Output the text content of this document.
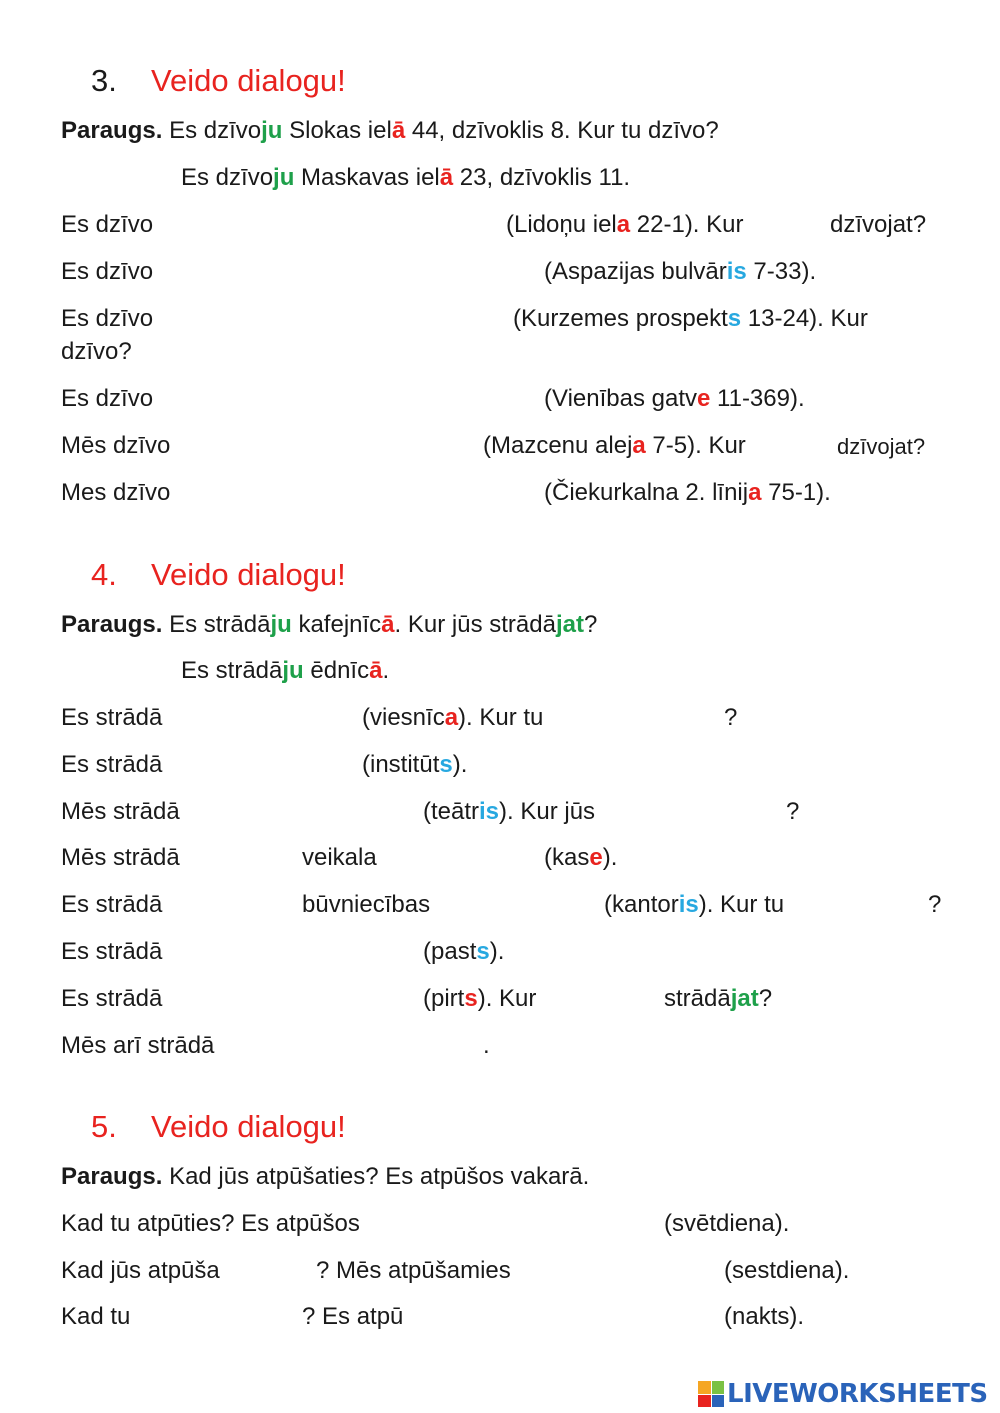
3. Veido dialogu!
Paraugs. Es dzīvoju Slokas ielā 44, dzīvoklis 8. Kur tu dzīvo?
Es dzīvoju Maskavas ielā 23, dzīvoklis 11.
Es dzīvo	(Lidoņu iela 22-1). Kur	dzīvojat?
Es dzīvo	(Aspazijas bulvāris 7-33).
Es dzīvo	(Kurzemes prospekts 13-24). Kur
dzīvo?
Es dzīvo	(Vienības gatve 11-369).
Mēs dzīvo	(Mazcenu aleja 7-5). Kur	dzīvojat?
Mes dzīvo	(Čiekurkalna 2. līnija 75-1).
4. Veido dialogu!
Paraugs. Es strādāju kafejnīcā. Kur jūs strādājat?
Es strādāju ēdnīcā.
Es strādā	(viesnīca). Kur tu	?
Es strādā	(institūts).
Mēs strādā	(teātris). Kur jūs	?
Mēs strādā	veikala	(kase).
Es strādā	būvniecības	(kantoris). Kur tu	?
Es strādā	(pasts).
Es strādā	(pirts). Kur	strādājat?
Mēs arī strādā	.
5. Veido dialogu!
Paraugs. Kad jūs atpūšaties? Es atpūšos vakarā.
Kad tu atpūties? Es atpūšos	(svētdiena).
Kad jūs atpūša	? Mēs atpūšamies	(sestdiena).
Kad tu	? Es atpū	(nakts).
LIVEWORKSHEETS
